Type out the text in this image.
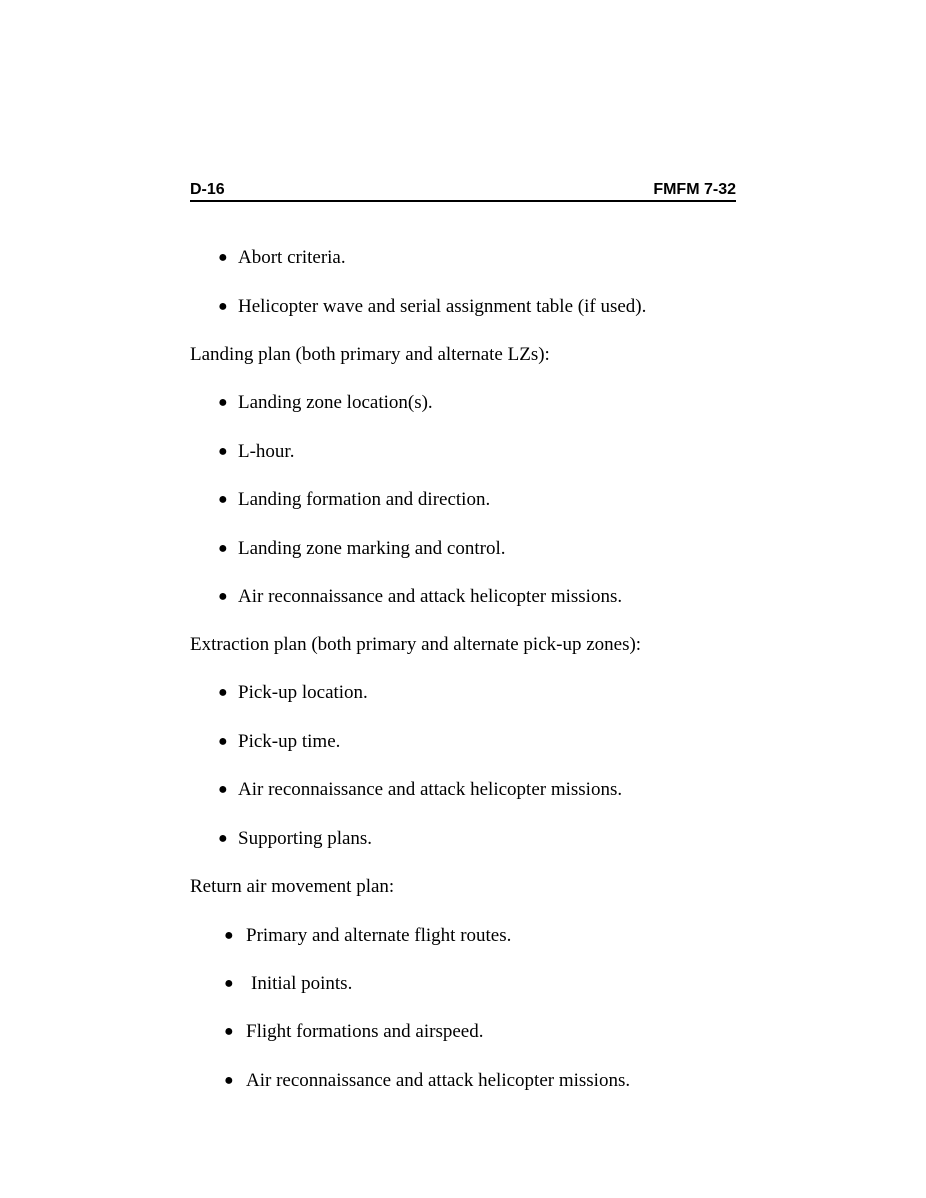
D-16	FMFM 7-32
● Abort criteria.
● Helicopter wave and serial assignment table (if used).
Landing plan (both primary and alternate LZs):
● Landing zone location(s).
● L-hour.
● Landing formation and direction.
● Landing zone marking and control.
● Air reconnaissance and attack helicopter missions.
Extraction plan (both primary and alternate pick-up zones):
● Pick-up location.
● Pick-up time.
● Air reconnaissance and attack helicopter missions.
● Supporting plans.
Return air movement plan:
● Primary and alternate flight routes.
● Initial points.
● Flight formations and airspeed.
● Air reconnaissance and attack helicopter missions.
